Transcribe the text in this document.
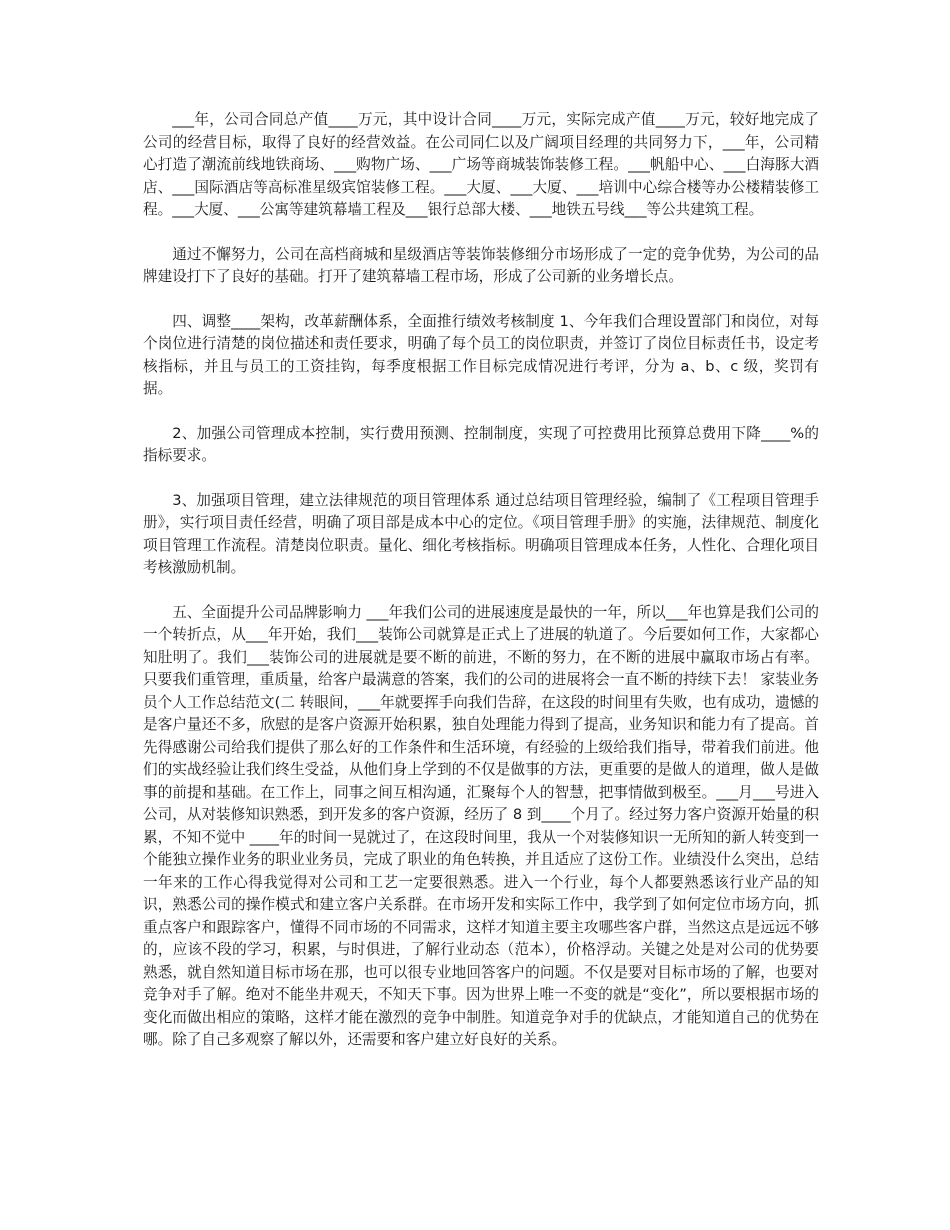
___年，公司合同总产值____万元，其中设计合同____万元，实际完成产值____万元，较好地完成了公司的经营目标，取得了良好的经营效益。在公司同仁以及广阔项目经理的共同努力下，___年，公司精心打造了潮流前线地铁商场、___购物广场、___广场等商城装饰装修工程。___帆船中心、___白海豚大酒店、___国际酒店等高标准星级宾馆装修工程。___大厦、___大厦、___培训中心综合楼等办公楼精装修工程。___大厦、___公寓等建筑幕墙工程及___银行总部大楼、___地铁五号线___等公共建筑工程。

通过不懈努力，公司在高档商城和星级酒店等装饰装修细分市场形成了一定的竞争优势，为公司的品牌建设打下了良好的基础。打开了建筑幕墙工程市场，形成了公司新的业务增长点。

四、调整____架构，改革薪酬体系，全面推行绩效考核制度 1、今年我们合理设置部门和岗位，对每个岗位进行清楚的岗位描述和责任要求，明确了每个员工的岗位职责，并签订了岗位目标责任书，设定考核指标，并且与员工的工资挂钩，每季度根据工作目标完成情况进行考评，分为 a、b、c 级，奖罚有据。

2、加强公司管理成本控制，实行费用预测、控制制度，实现了可控费用比预算总费用下降____%的指标要求。

3、加强项目管理，建立法律规范的项目管理体系 通过总结项目管理经验，编制了《工程项目管理手册》，实行项目责任经营，明确了项目部是成本中心的定位。《项目管理手册》的实施，法律规范、制度化项目管理工作流程。清楚岗位职责。量化、细化考核指标。明确项目管理成本任务，人性化、合理化项目考核激励机制。

五、全面提升公司品牌影响力 ___年我们公司的进展速度是最快的一年，所以___年也算是我们公司的一个转折点，从___年开始，我们___装饰公司就算是正式上了进展的轨道了。今后要如何工作，大家都心知肚明了。我们___装饰公司的进展就是要不断的前进，不断的努力，在不断的进展中赢取市场占有率。只要我们重管理，重质量，给客户最满意的答案，我们的公司的进展将会一直不断的持续下去！ 家装业务员个人工作总结范文(二 转眼间，___年就要挥手向我们告辞，在这段的时间里有失败，也有成功，遗憾的是客户量还不多，欣慰的是客户资源开始积累，独自处理能力得到了提高，业务知识和能力有了提高。首先得感谢公司给我们提供了那么好的工作条件和生活环境，有经验的上级给我们指导，带着我们前进。他们的实战经验让我们终生受益，从他们身上学到的不仅是做事的方法，更重要的是做人的道理，做人是做事的前提和基础。在工作上，同事之间互相沟通，汇聚每个人的智慧，把事情做到极至。___月___号进入公司，从对装修知识熟悉，到开发多的客户资源，经历了 8 到____个月了。经过努力客户资源开始量的积累，不知不觉中 ____年的时间一晃就过了，在这段时间里，我从一个对装修知识一无所知的新人转变到一个能独立操作业务的职业业务员，完成了职业的角色转换，并且适应了这份工作。业绩没什么突出，总结一年来的工作心得我觉得对公司和工艺一定要很熟悉。进入一个行业，每个人都要熟悉该行业产品的知识，熟悉公司的操作模式和建立客户关系群。在市场开发和实际工作中，我学到了如何定位市场方向，抓重点客户和跟踪客户，懂得不同市场的不同需求，这样才知道主要主攻哪些客户群，当然这点是远远不够的，应该不段的学习，积累，与时俱进，了解行业动态（范本），价格浮动。关键之处是对公司的优势要熟悉，就自然知道目标市场在那，也可以很专业地回答客户的问题。不仅是要对目标市场的了解，也要对竞争对手了解。绝对不能坐井观天，不知天下事。因为世界上唯一不变的就是“变化”，所以要根据市场的变化而做出相应的策略，这样才能在激烈的竞争中制胜。知道竞争对手的优缺点，才能知道自己的优势在哪。除了自己多观察了解以外，还需要和客户建立好良好的关系。
